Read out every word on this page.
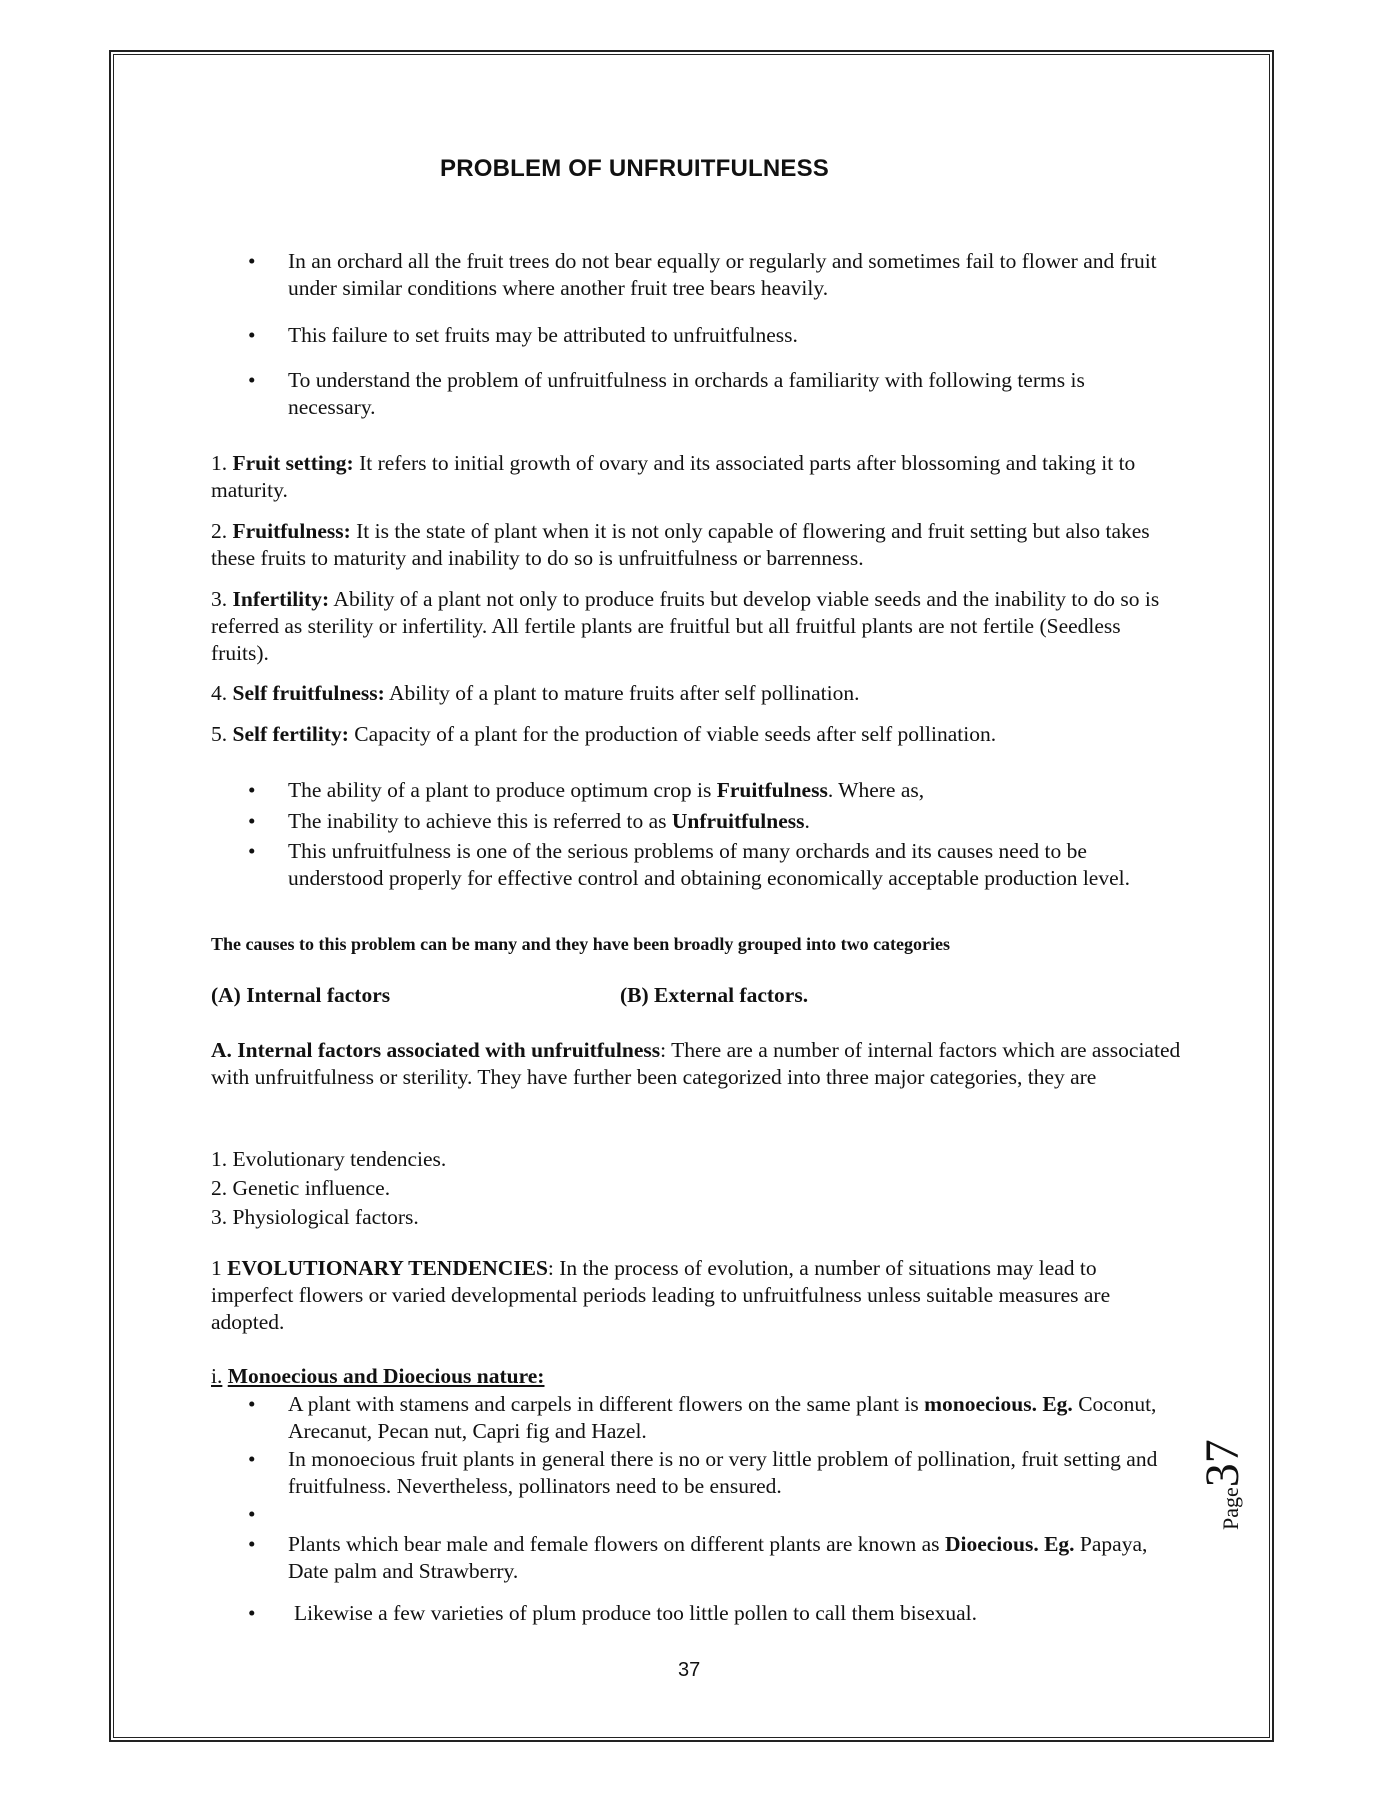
PROBLEM OF UNFRUITFULNESS
•	In an orchard all the fruit trees do not bear equally or regularly and sometimes fail to flower and fruit under similar conditions where another fruit tree bears heavily.
•	This failure to set fruits may be attributed to unfruitfulness.
•	To understand the problem of unfruitfulness in orchards a familiarity with following terms is necessary.
1. Fruit setting: It refers to initial growth of ovary and its associated parts after blossoming and taking it to maturity.
2. Fruitfulness: It is the state of plant when it is not only capable of flowering and fruit setting but also takes these fruits to maturity and inability to do so is unfruitfulness or barrenness.
3. Infertility: Ability of a plant not only to produce fruits but develop viable seeds and the inability to do so is referred as sterility or infertility. All fertile plants are fruitful but all fruitful plants are not fertile (Seedless fruits).
4. Self fruitfulness: Ability of a plant to mature fruits after self pollination.
5. Self fertility: Capacity of a plant for the production of viable seeds after self pollination.
•	The ability of a plant to produce optimum crop is Fruitfulness. Where as,
•	The inability to achieve this is referred to as Unfruitfulness.
•	This unfruitfulness is one of the serious problems of many orchards and its causes need to be understood properly for effective control and obtaining economically acceptable production level.
The causes to this problem can be many and they have been broadly grouped into two categories
(A) Internal factors	(B) External factors.
A. Internal factors associated with unfruitfulness: There are a number of internal factors which are associated with unfruitfulness or sterility. They have further been categorized into three major categories, they are
1. Evolutionary tendencies.
2. Genetic influence.
3. Physiological factors.
1 EVOLUTIONARY TENDENCIES: In the process of evolution, a number of situations may lead to imperfect flowers or varied developmental periods leading to unfruitfulness unless suitable measures are adopted.
i. Monoecious and Dioecious nature:
•	A plant with stamens and carpels in different flowers on the same plant is monoecious. Eg. Coconut, Arecanut, Pecan nut, Capri fig and Hazel.
•	In monoecious fruit plants in general there is no or very little problem of pollination, fruit setting and fruitfulness. Nevertheless, pollinators need to be ensured.
•
•	Plants which bear male and female flowers on different plants are known as Dioecious. Eg. Papaya, Date palm and Strawberry.
•	Likewise a few varieties of plum produce too little pollen to call them bisexual.
37
Page37
